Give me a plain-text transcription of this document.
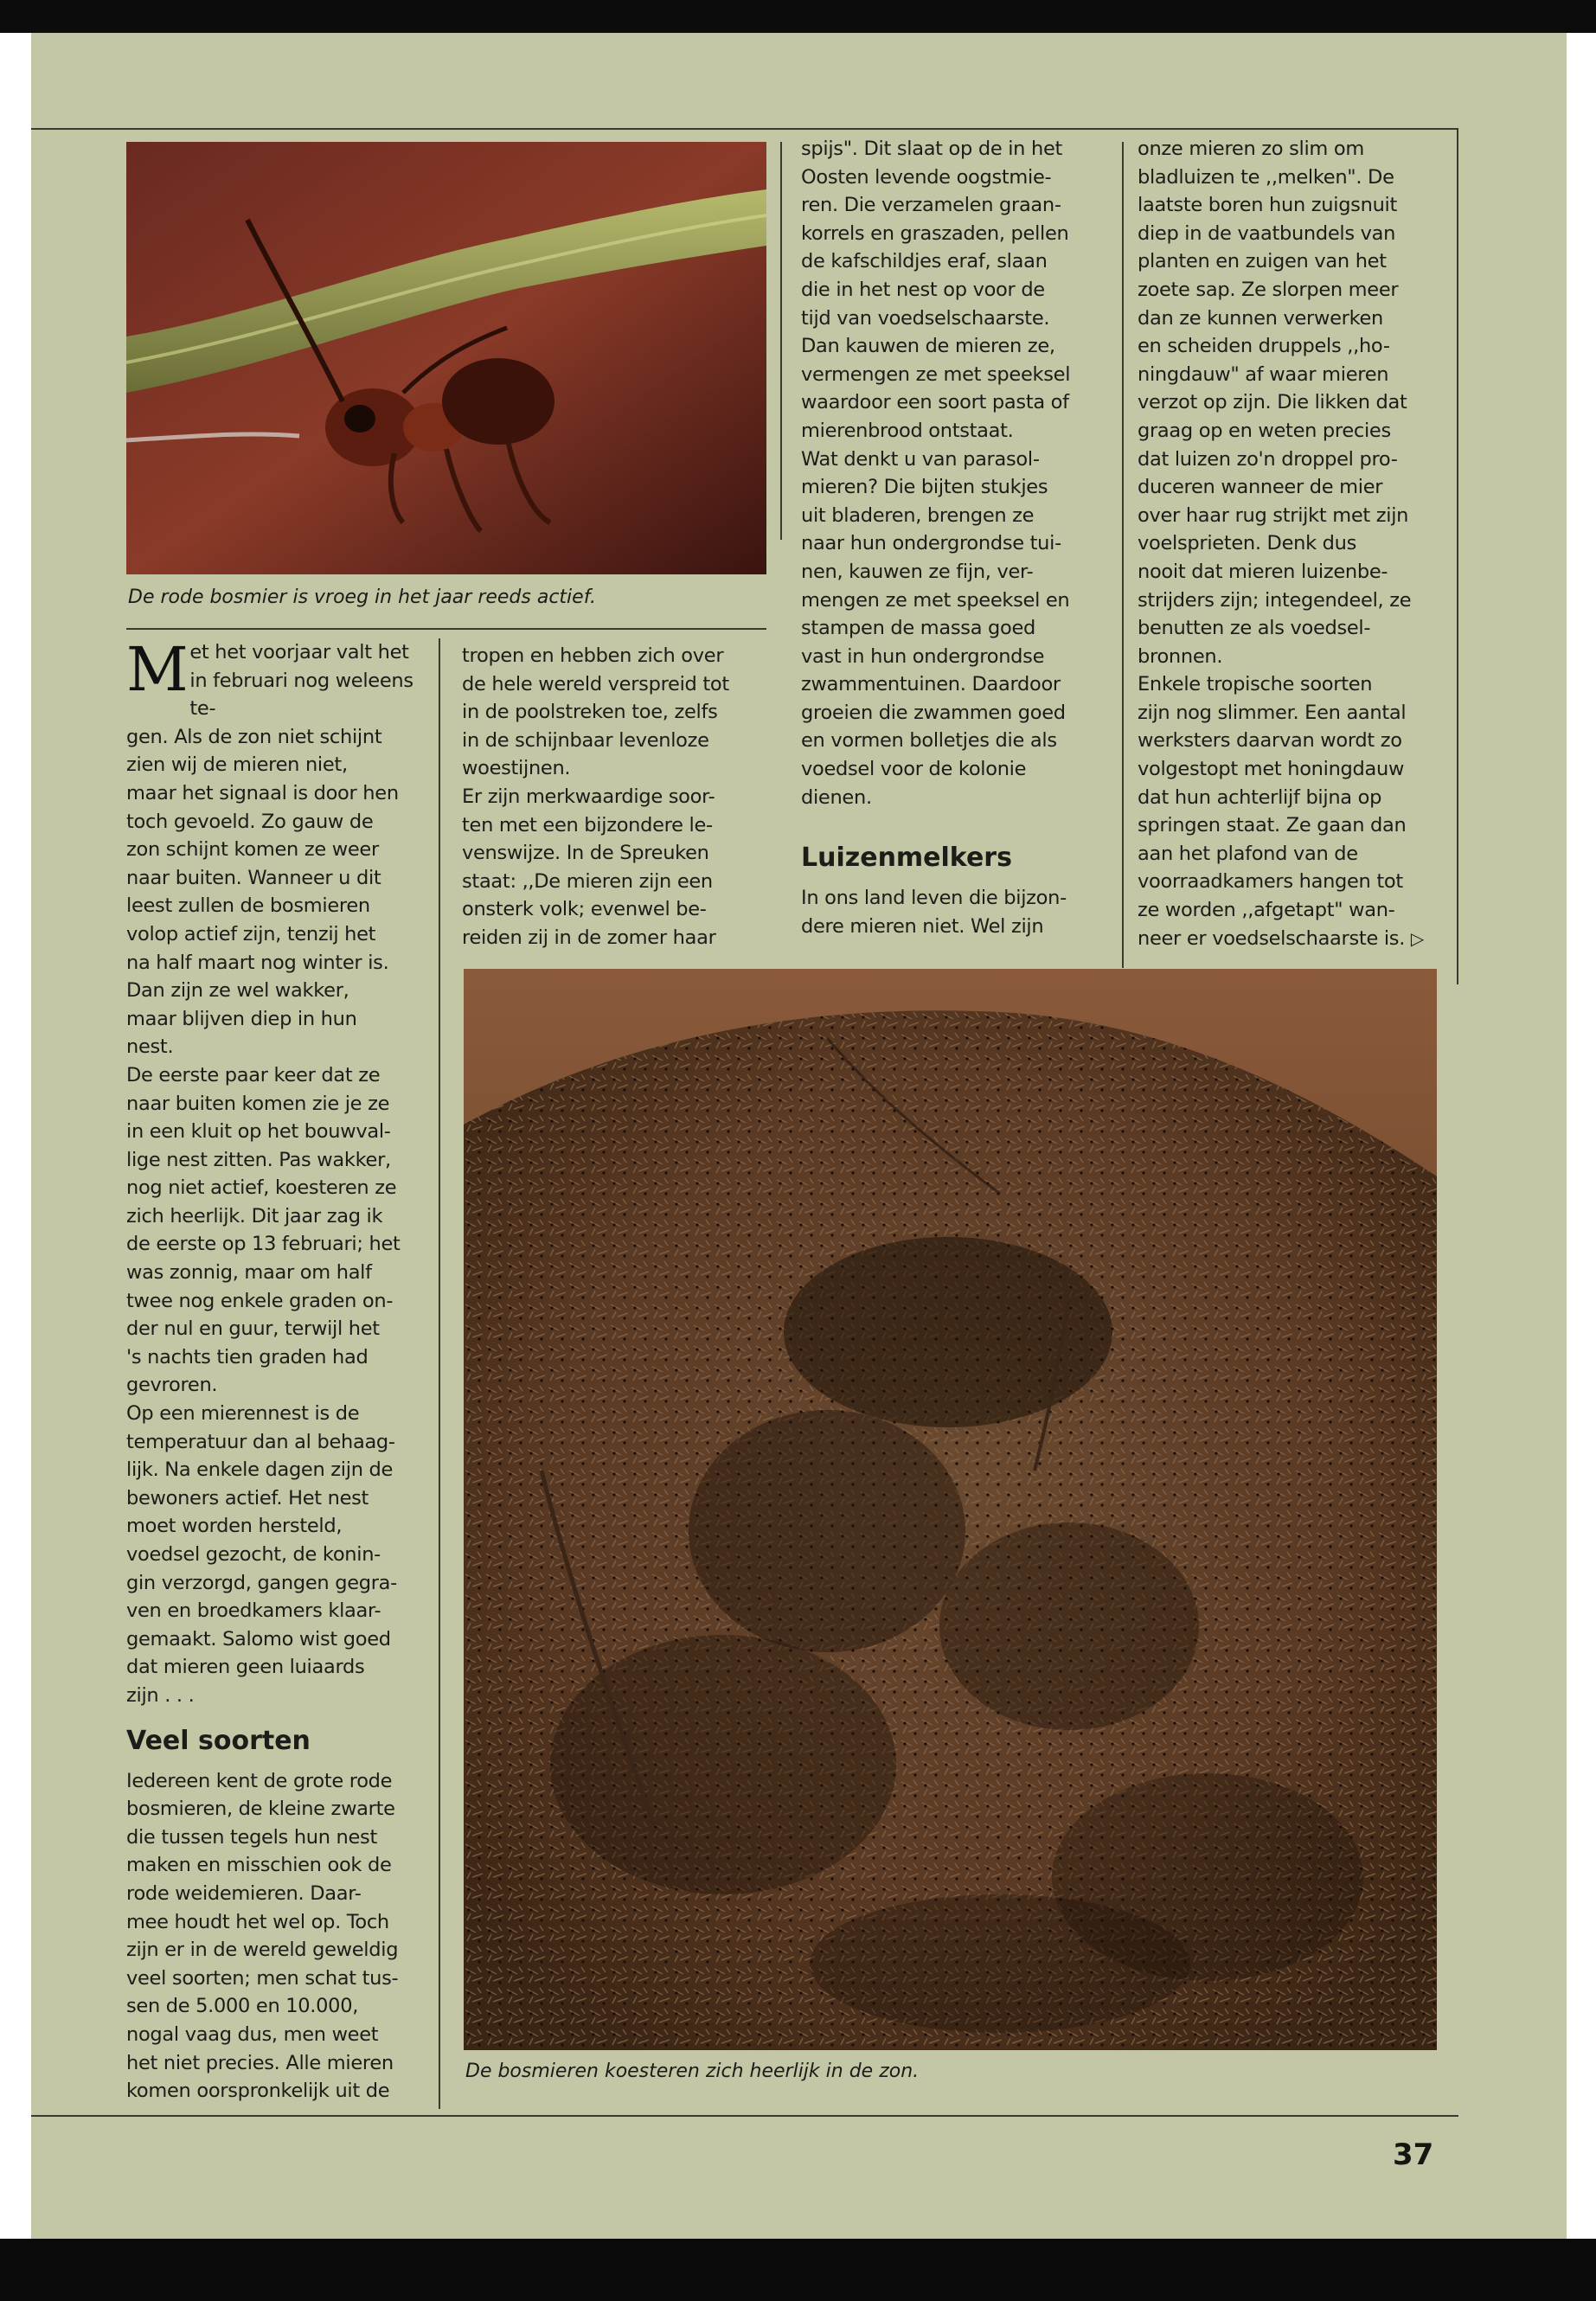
De rode bosmier is vroeg in het jaar reeds actief.

Met het voorjaar valt het
in februari nog weleens te-
gen. Als de zon niet schijnt
zien wij de mieren niet,
maar het signaal is door hen
toch gevoeld. Zo gauw de
zon schijnt komen ze weer
naar buiten. Wanneer u dit
leest zullen de bosmieren
volop actief zijn, tenzij het
na half maart nog winter is.
Dan zijn ze wel wakker,
maar blijven diep in hun
nest.

De eerste paar keer dat ze
naar buiten komen zie je ze
in een kluit op het bouwval-
lige nest zitten. Pas wakker,
nog niet actief, koesteren ze
zich heerlijk. Dit jaar zag ik
de eerste op 13 februari; het
was zonnig, maar om half
twee nog enkele graden on-
der nul en guur, terwijl het
's nachts tien graden had
gevroren.

Op een mierennest is de
temperatuur dan al behaag-
lijk. Na enkele dagen zijn de
bewoners actief. Het nest
moet worden hersteld,
voedsel gezocht, de konin-
gin verzorgd, gangen gegra-
ven en broedkamers klaar-
gemaakt. Salomo wist goed
dat mieren geen luiaards
zijn . . .

Veel soorten

Iedereen kent de grote rode
bosmieren, de kleine zwarte
die tussen tegels hun nest
maken en misschien ook de
rode weidemieren. Daar-
mee houdt het wel op. Toch
zijn er in de wereld geweldig
veel soorten; men schat tus-
sen de 5.000 en 10.000,
nogal vaag dus, men weet
het niet precies. Alle mieren
komen oorspronkelijk uit de

tropen en hebben zich over
de hele wereld verspreid tot
in de poolstreken toe, zelfs
in de schijnbaar levenloze
woestijnen.

Er zijn merkwaardige soor-
ten met een bijzondere le-
venswijze. In de Spreuken
staat: ,,De mieren zijn een
onsterk volk; evenwel be-
reiden zij in de zomer haar

spijs". Dit slaat op de in het
Oosten levende oogstmie-
ren. Die verzamelen graan-
korrels en graszaden, pellen
de kafschildjes eraf, slaan
die in het nest op voor de
tijd van voedselschaarste.
Dan kauwen de mieren ze,
vermengen ze met speeksel
waardoor een soort pasta of
mierenbrood ontstaat.

Wat denkt u van parasol-
mieren? Die bijten stukjes
uit bladeren, brengen ze
naar hun ondergrondse tui-
nen, kauwen ze fijn, ver-
mengen ze met speeksel en
stampen de massa goed
vast in hun ondergrondse
zwammentuinen. Daardoor
groeien die zwammen goed
en vormen bolletjes die als
voedsel voor de kolonie
dienen.

Luizenmelkers

In ons land leven die bijzon-
dere mieren niet. Wel zijn

onze mieren zo slim om
bladluizen te ,,melken". De
laatste boren hun zuigsnuit
diep in de vaatbundels van
planten en zuigen van het
zoete sap. Ze slorpen meer
dan ze kunnen verwerken
en scheiden druppels ,,ho-
ningdauw" af waar mieren
verzot op zijn. Die likken dat
graag op en weten precies
dat luizen zo'n droppel pro-
duceren wanneer de mier
over haar rug strijkt met zijn
voelsprieten. Denk dus
nooit dat mieren luizenbe-
strijders zijn; integendeel, ze
benutten ze als voedsel-
bronnen.

Enkele tropische soorten
zijn nog slimmer. Een aantal
werksters daarvan wordt zo
volgestopt met honingdauw
dat hun achterlijf bijna op
springen staat. Ze gaan dan
aan het plafond van de
voorraadkamers hangen tot
ze worden ,,afgetapt" wan-
neer er voedselschaarste is. ▷

De bosmieren koesteren zich heerlijk in de zon.
37
